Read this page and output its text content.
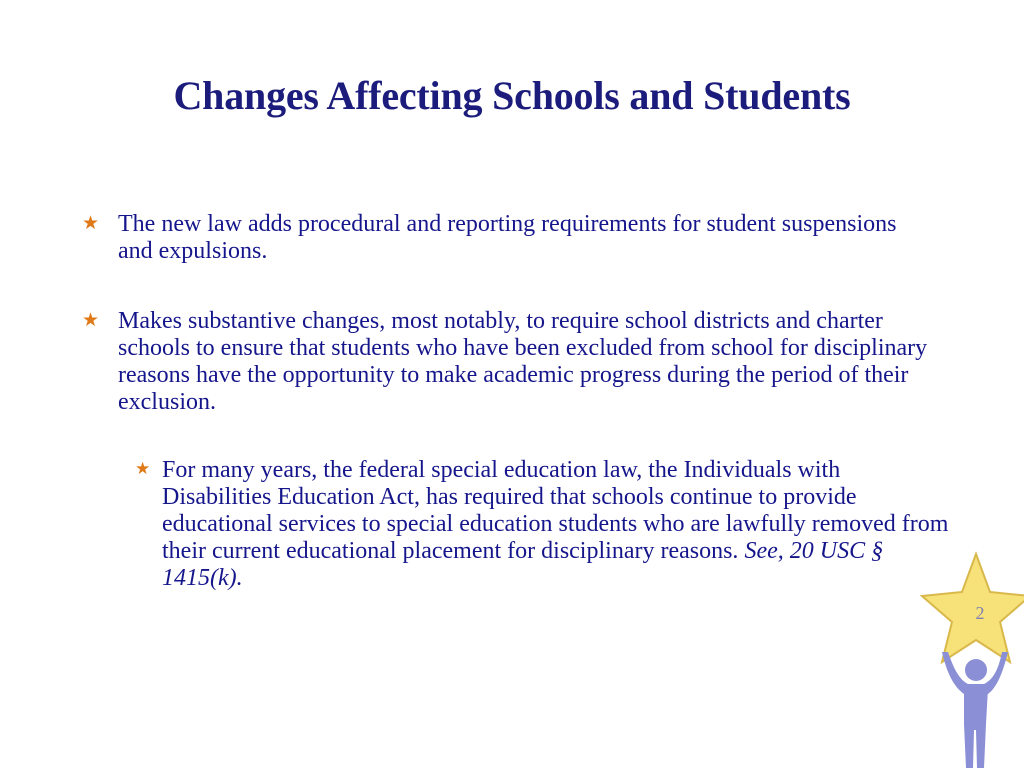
Changes Affecting Schools and Students
★ The new law adds procedural and reporting requirements for student suspensions and expulsions.
★ Makes substantive changes, most notably, to require school districts and charter schools to ensure that students who have been excluded from school for disciplinary reasons have the opportunity to make academic progress during the period of their exclusion.
★ For many years, the federal special education law, the Individuals with Disabilities Education Act, has required that schools continue to provide educational services to special education students who are lawfully removed from their current educational placement for disciplinary reasons. See, 20 USC § 1415(k).
2
